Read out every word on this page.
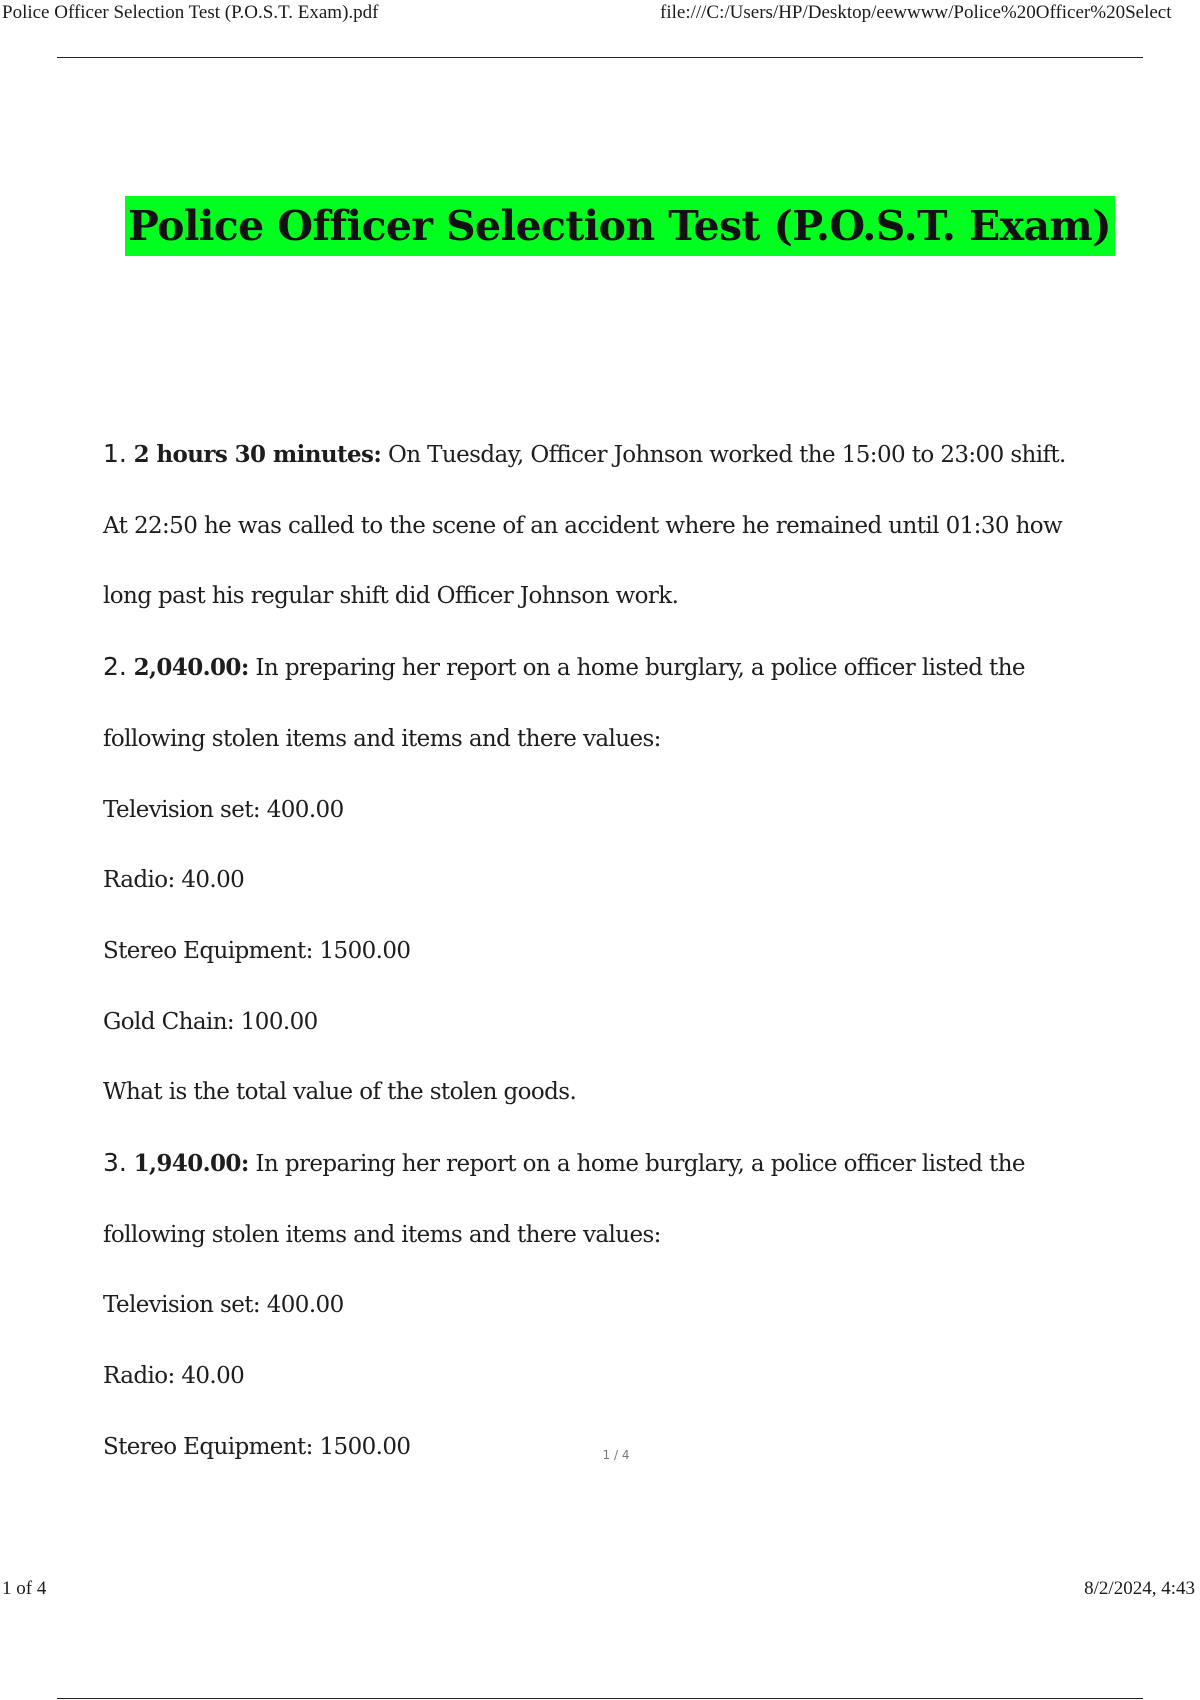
Police Officer Selection Test (P.O.S.T. Exam).pdf	file:///C:/Users/HP/Desktop/eewwww/Police%20Officer%20Select
Police Officer Selection Test (P.O.S.T. Exam)

1. 2 hours 30 minutes: On Tuesday, Officer Johnson worked the 15:00 to 23:00 shift. At 22:50 he was called to the scene of an accident where he remained until 01:30 how long past his regular shift did Officer Johnson work.

2. 2,040.00: In preparing her report on a home burglary, a police officer listed the following stolen items and items and there values:

Television set: 400.00

Radio: 40.00

Stereo Equipment: 1500.00

Gold Chain: 100.00

What is the total value of the stolen goods.

3. 1,940.00: In preparing her report on a home burglary, a police officer listed the following stolen items and items and there values:

Television set: 400.00

Radio: 40.00

Stereo Equipment: 1500.00	1 / 4
1 of 4	8/2/2024, 4:43
